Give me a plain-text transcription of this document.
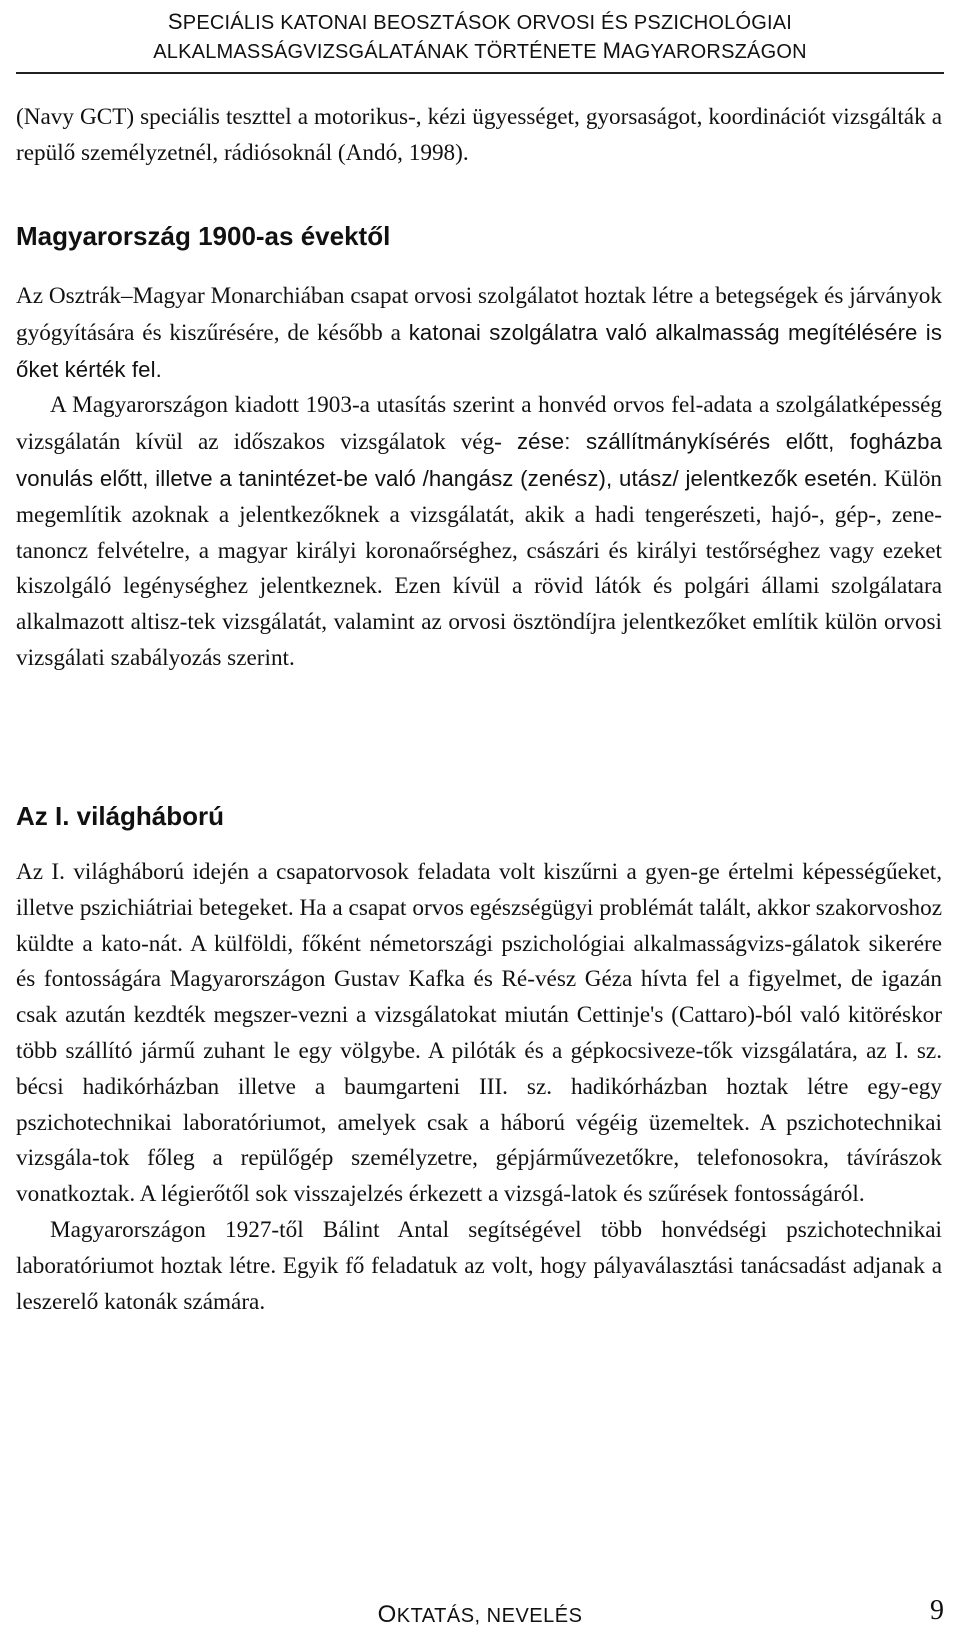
SPECIÁLIS KATONAI BEOSZTÁSOK ORVOSI ÉS PSZICHOLÓGIAI
ALKALMASSÁGVIZSGÁLATÁNAK TÖRTÉNETE MAGYARORSZÁGON

(Navy GCT) speciális teszttel a motorikus-, kézi ügyességet, gyorsaságot, koordinációt vizsgálták a repülő személyzetnél, rádiósoknál (Andó, 1998).

Magyarország 1900-as évektől

Az Osztrák–Magyar Monarchiában csapat orvosi szolgálatot hoztak létre a betegségek és járványok gyógyítására és kiszűrésére, de később a katonai szolgálatra való alkalmasság megítélésére is őket kérték fel.

A Magyarországon kiadott 1903-a utasítás szerint a honvéd orvos fel-adata a szolgálatképesség vizsgálatán kívül az időszakos vizsgálatok vég- zése: szállítmánykísérés előtt, fogházba vonulás előtt, illetve a tanintézet-be való /hangász (zenész), utász/ jelentkezők esetén. Külön megemlítik azoknak a jelentkezőknek a vizsgálatát, akik a hadi tengerészeti, hajó-, gép-, zene-tanoncz felvételre, a magyar királyi koronaőrséghez, császári és királyi testőrséghez vagy ezeket kiszolgáló legénységhez jelentkeznek. Ezen kívül a rövid látók és polgári állami szolgálatara alkalmazott altisz-tek vizsgálatát, valamint az orvosi ösztöndíjra jelentkezőket említik külön orvosi vizsgálati szabályozás szerint.

Az I. világháború

Az I. világháború idején a csapatorvosok feladata volt kiszűrni a gyen-ge értelmi képességűeket, illetve pszichiátriai betegeket. Ha a csapat orvos egészségügyi problémát talált, akkor szakorvoshoz küldte a kato-nát. A külföldi, főként németországi pszichológiai alkalmasságvizs-gálatok sikerére és fontosságára Magyarországon Gustav Kafka és Ré-vész Géza hívta fel a figyelmet, de igazán csak azután kezdték megszer-vezni a vizsgálatokat miután Cettinje's (Cattaro)-ból való kitöréskor több szállító jármű zuhant le egy völgybe. A pilóták és a gépkocsivezе-tők vizsgálatára, az I. sz. bécsi hadikórházban illetve a baumgarteni III. sz. hadikórházban hoztak létre egy-egy pszichotechnikai laboratóriumot, amelyek csak a háború végéig üzemeltek. A pszichotechnikai vizsgála-tok főleg a repülőgép személyzetre, gépjárművezetőkre, telefonosokra, távírászok vonatkoztak. A légierőtől sok visszajelzés érkezett a vizsgá-latok és szűrések fontosságáról.

Magyarországon 1927-től Bálint Antal segítségével több honvédségi pszichotechnikai laboratóriumot hoztak létre. Egyik fő feladatuk az volt, hogy pályaválasztási tanácsadást adjanak a leszerelő katonák számára.

OKTATÁS, NEVELÉS	9
